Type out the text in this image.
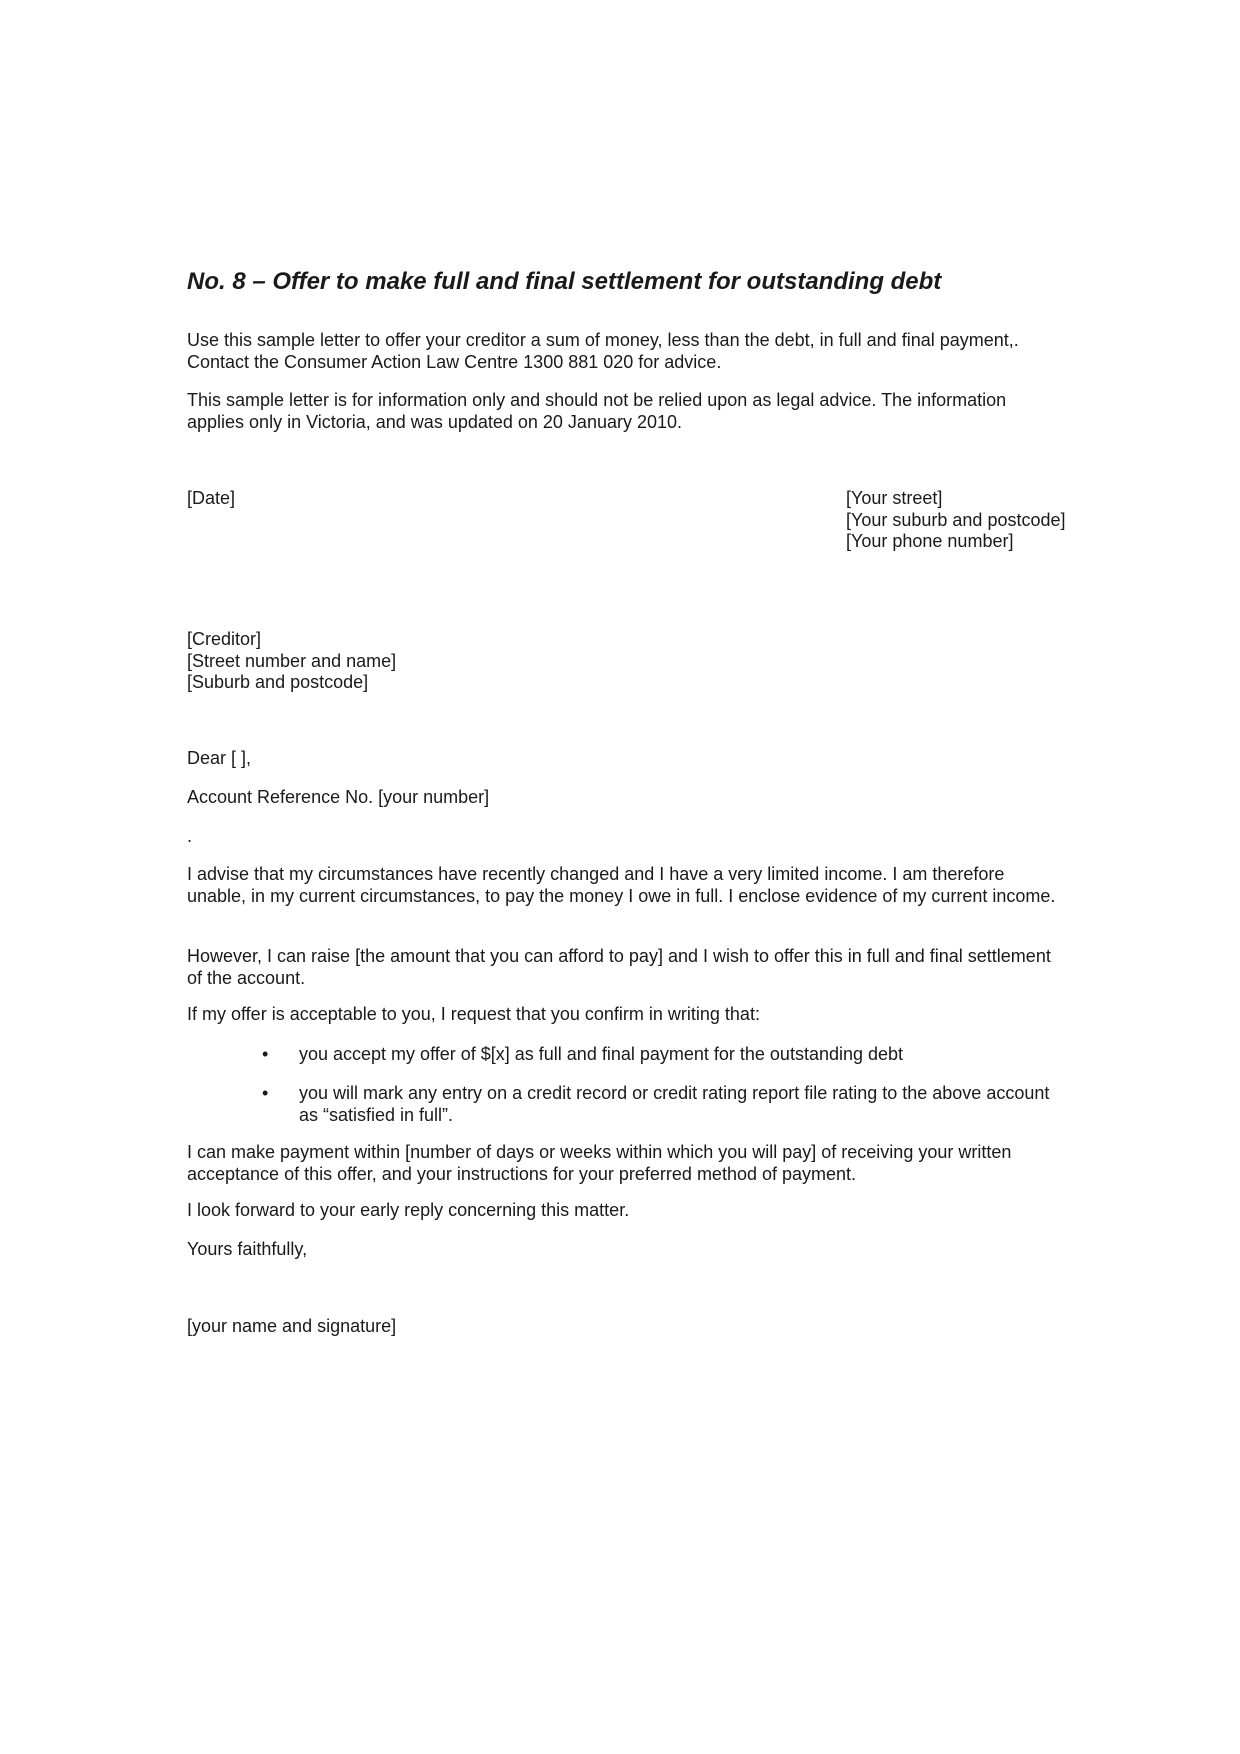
No. 8 – Offer to make full and final settlement for outstanding debt

Use this sample letter to offer your creditor a sum of money, less than the debt, in full and final payment,. Contact the Consumer Action Law Centre 1300 881 020 for advice.

This sample letter is for information only and should not be relied upon as legal advice. The information applies only in Victoria, and was updated on 20 January 2010.

[Date]	[Your street]
[Your suburb and postcode]
[Your phone number]
[Creditor]
[Street number and name]
[Suburb and postcode]
Dear [ ],
Account Reference No. [your number]
.

I advise that my circumstances have recently changed and I have a very limited income. I am therefore unable, in my current circumstances, to pay the money I owe in full. I enclose evidence of my current income.

However, I can raise [the amount that you can afford to pay] and I wish to offer this in full and final settlement of the account.

If my offer is acceptable to you, I request that you confirm in writing that:

• you accept my offer of $[x] as full and final payment for the outstanding debt

• you will mark any entry on a credit record or credit rating report file rating to the above account as “satisfied in full”.

I can make payment within [number of days or weeks within which you will pay] of receiving your written acceptance of this offer, and your instructions for your preferred method of payment.

I look forward to your early reply concerning this matter.

Yours faithfully,
[your name and signature]
